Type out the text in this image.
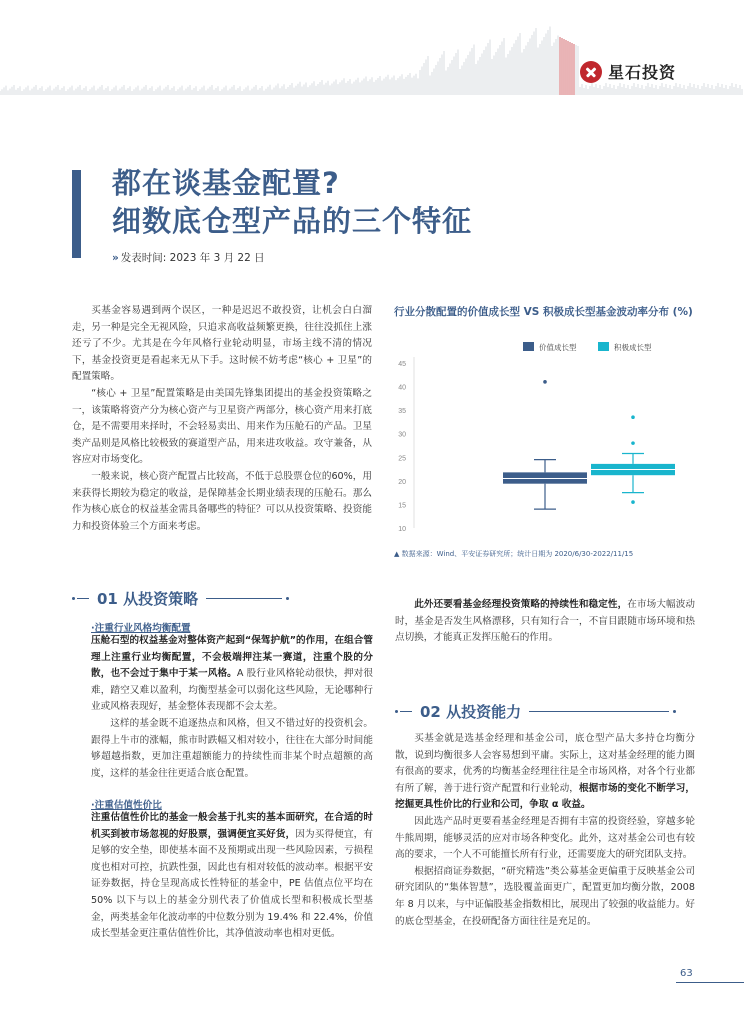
星石投资
都在谈基金配置?
细数底仓型产品的三个特征
» 发表时间: 2023 年 3 月 22 日

买基金容易遇到两个误区，一种是迟迟不敢投资，让机会白白溜走，另一种是完全无视风险，只追求高收益频繁更换，往往没抓住上涨还亏了不少。尤其是在今年风格行业轮动明显，市场主线不清的情况下，基金投资更是看起来无从下手。这时候不妨考虑“核心 + 卫星”的配置策略。

“核心 + 卫星”配置策略是由美国先锋集团提出的基金投资策略之一，该策略将资产分为核心资产与卫星资产两部分，核心资产用来打底仓，是不需要用来择时，不会轻易卖出、用来作为压舱石的产品。卫星类产品则是风格比较极致的赛道型产品，用来进攻收益。攻守兼备，从容应对市场变化。

一般来说，核心资产配置占比较高，不低于总股票仓位的60%，用来获得长期较为稳定的收益，是保障基金长期业绩表现的压舱石。那么作为核心底仓的权益基金需具备哪些的特征？可以从投资策略、投资能力和投资体验三个方面来考虑。

行业分散配置的价值成长型 VS 积极成长型基金波动率分布 (%)
45
40
35
30
25
20
15
10
价值成长型	积极成长型
▲ 数据来源：Wind、平安证券研究所；统计日期为 2020/6/30-2022/11/15
01 从投资策略
·注重行业风格均衡配置

压舱石型的权益基金对整体资产起到“保驾护航”的作用，在组合管理上注重行业均衡配置，不会极端押注某一赛道，注重个股的分散，也不会过于集中于某一风格。A 股行业风格轮动很快，押对很难，踏空又难以盈利，均衡型基金可以弱化这些风险，无论哪种行业或风格表现好，基金整体表现都不会太差。

这样的基金既不追逐热点和风格，但又不错过好的投资机会。跟得上牛市的涨幅，熊市时跌幅又相对较小，往往在大部分时间能够超越指数，更加注重超额能力的持续性而非某个时点超额的高度，这样的基金往往更适合底仓配置。

·注重估值性价比

注重估值性价比的基金一般会基于扎实的基本面研究，在合适的时机买到被市场忽视的好股票，强调便宜买好货，因为买得便宜，有足够的安全垫，即使基本面不及预期或出现一些风险因素，亏损程度也相对可控，抗跌性强，因此也有相对较低的波动率。根据平安证券数据，持仓呈现高成长性特征的基金中，PE 估值点位平均在 50% 以下与以上的基金分别代表了价值成长型和积极成长型基金，两类基金年化波动率的中位数分别为 19.4% 和 22.4%，价值成长型基金更注重估值性价比，其净值波动率也相对更低。

此外还要看基金经理投资策略的持续性和稳定性，在市场大幅波动时，基金是否发生风格漂移，只有知行合一，不盲目跟随市场环境和热点切换，才能真正发挥压舱石的作用。

02 从投资能力

买基金就是选基金经理和基金公司，底仓型产品大多持仓均衡分散，说到均衡很多人会容易想到平庸。实际上，这对基金经理的能力圈有很高的要求，优秀的均衡基金经理往往是全市场风格，对各个行业都有所了解，善于进行资产配置和行业轮动，根据市场的变化不断学习，挖掘更具性价比的行业和公司，争取 α 收益。

因此选产品时更要看基金经理是否拥有丰富的投资经验，穿越多轮牛熊周期，能够灵活的应对市场各种变化。此外，这对基金公司也有较高的要求，一个人不可能擅长所有行业，还需要庞大的研究团队支持。

根据招商证券数据，“研究精选”类公募基金更偏重于反映基金公司研究团队的“集体智慧”，选股覆盖面更广，配置更加均衡分散，2008 年 8 月以来，与中证偏股基金指数相比，展现出了较强的收益能力。好的底仓型基金，在投研配备方面往往是充足的。

63
